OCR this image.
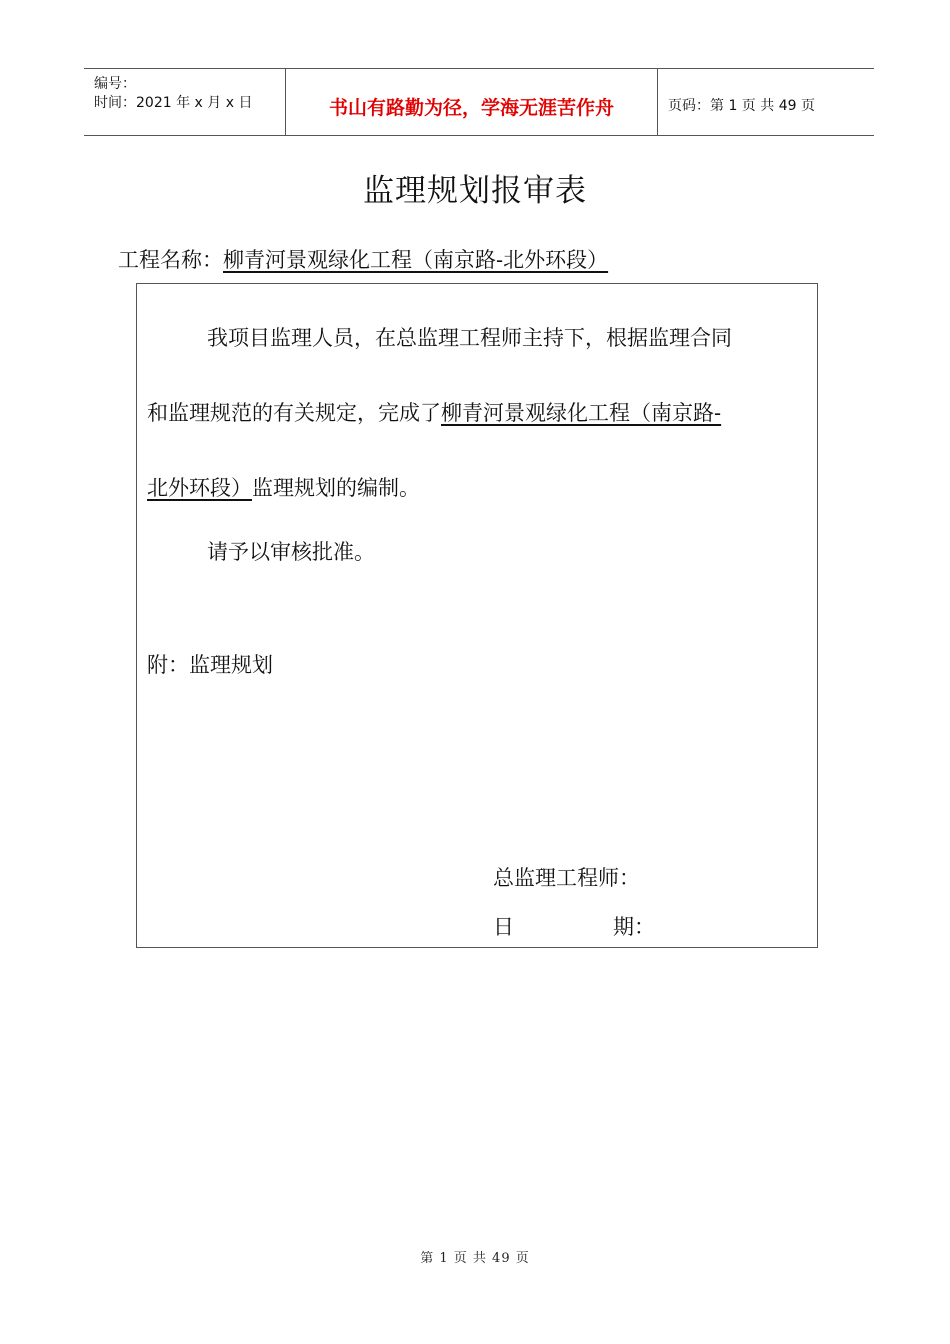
编号：
时间：2021 年 x 月 x 日	书山有路勤为径，学海无涯苦作舟	页码：第 1 页 共 49 页
监理规划报审表
工程名称：柳青河景观绿化工程（南京路-北外环段）
我项目监理人员，在总监理工程师主持下，根据监理合同
和监理规范的有关规定，完成了柳青河景观绿化工程（南京路-
北外环段）监理规划的编制。
请予以审核批准。
附：监理规划
总监理工程师：
日	期：
第 1 页 共 49 页
